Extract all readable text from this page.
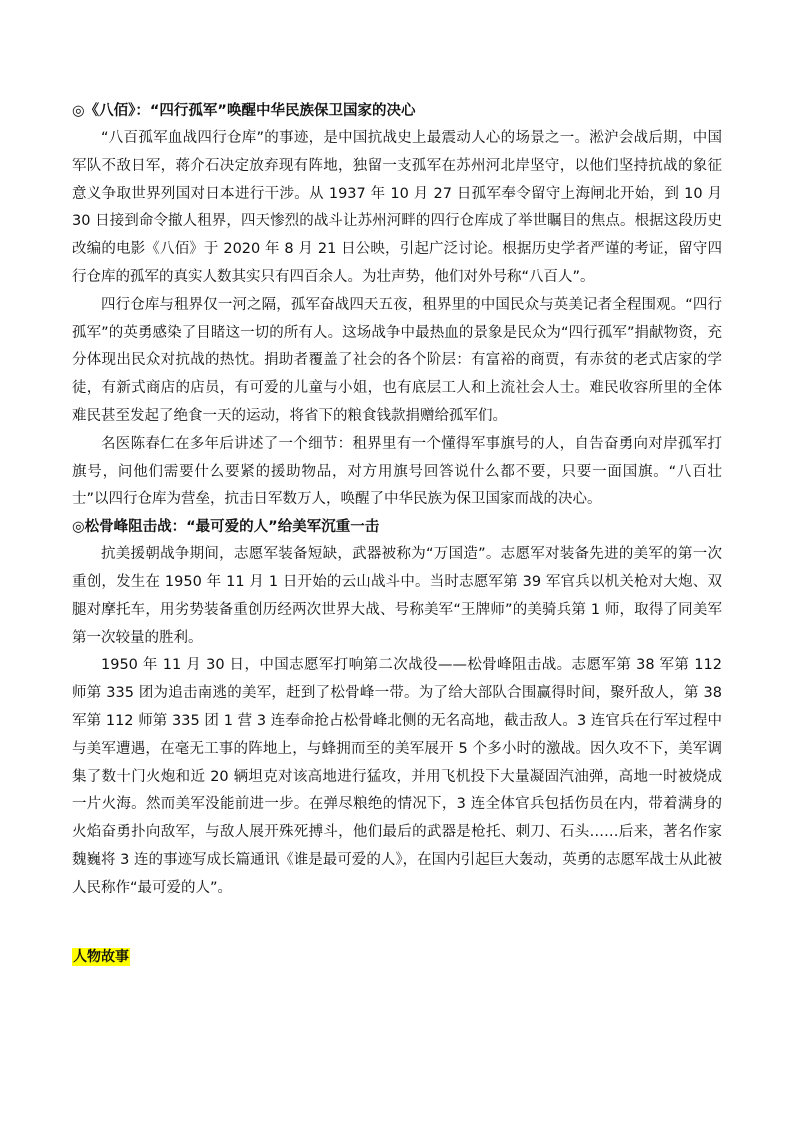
◎《八佰》：“四行孤军”唤醒中华民族保卫国家的决心

“八百孤军血战四行仓库”的事迹，是中国抗战史上最震动人心的场景之一。淞沪会战后期，中国军队不敌日军，蒋介石决定放弃现有阵地，独留一支孤军在苏州河北岸坚守，以他们坚持抗战的象征意义争取世界列国对日本进行干涉。从 1937 年 10 月 27 日孤军奉令留守上海闸北开始，到 10 月 30 日接到命令撤人租界，四天惨烈的战斗让苏州河畔的四行仓库成了举世瞩目的焦点。根据这段历史改编的电影《八佰》于 2020 年 8 月 21 日公映，引起广泛讨论。根据历史学者严谨的考证，留守四行仓库的孤军的真实人数其实只有四百余人。为壮声势，他们对外号称“八百人”。

四行仓库与租界仅一河之隔，孤军奋战四天五夜，租界里的中国民众与英美记者全程围观。“四行孤军”的英勇感染了目睹这一切的所有人。这场战争中最热血的景象是民众为“四行孤军”捐献物资，充分体现出民众对抗战的热忱。捐助者覆盖了社会的各个阶层：有富裕的商贾，有赤贫的老式店家的学徒，有新式商店的店员，有可爱的儿童与小姐，也有底层工人和上流社会人士。难民收容所里的全体难民甚至发起了绝食一天的运动，将省下的粮食钱款捐赠给孤军们。

名医陈春仁在多年后讲述了一个细节：租界里有一个懂得军事旗号的人，自告奋勇向对岸孤军打旗号，问他们需要什么要紧的援助物品，对方用旗号回答说什么都不要，只要一面国旗。“八百壮士”以四行仓库为营垒，抗击日军数万人，唤醒了中华民族为保卫国家而战的决心。

◎松骨峰阻击战：“最可爱的人”给美军沉重一击

抗美援朝战争期间，志愿军装备短缺，武器被称为“万国造”。志愿军对装备先进的美军的第一次重创，发生在 1950 年 11 月 1 日开始的云山战斗中。当时志愿军第 39 军官兵以机关枪对大炮、双腿对摩托车，用劣势装备重创历经两次世界大战、号称美军“王牌师”的美骑兵第 1 师，取得了同美军第一次较量的胜利。

1950 年 11 月 30 日，中国志愿军打响第二次战役——松骨峰阻击战。志愿军第 38 军第 112 师第 335 团为追击南逃的美军，赶到了松骨峰一带。为了给大部队合围赢得时间，聚歼敌人，第 38 军第 112 师第 335 团 1 营 3 连奉命抢占松骨峰北侧的无名高地，截击敌人。3 连官兵在行军过程中与美军遭遇，在毫无工事的阵地上，与蜂拥而至的美军展开 5 个多小时的激战。因久攻不下，美军调集了数十门火炮和近 20 辆坦克对该高地进行猛攻，并用飞机投下大量凝固汽油弹，高地一时被烧成一片火海。然而美军没能前进一步。在弹尽粮绝的情况下，3 连全体官兵包括伤员在内，带着满身的火焰奋勇扑向敌军，与敌人展开殊死搏斗，他们最后的武器是枪托、刺刀、石头……后来，著名作家魏巍将 3 连的事迹写成长篇通讯《谁是最可爱的人》，在国内引起巨大轰动，英勇的志愿军战士从此被人民称作“最可爱的人”。

人物故事
